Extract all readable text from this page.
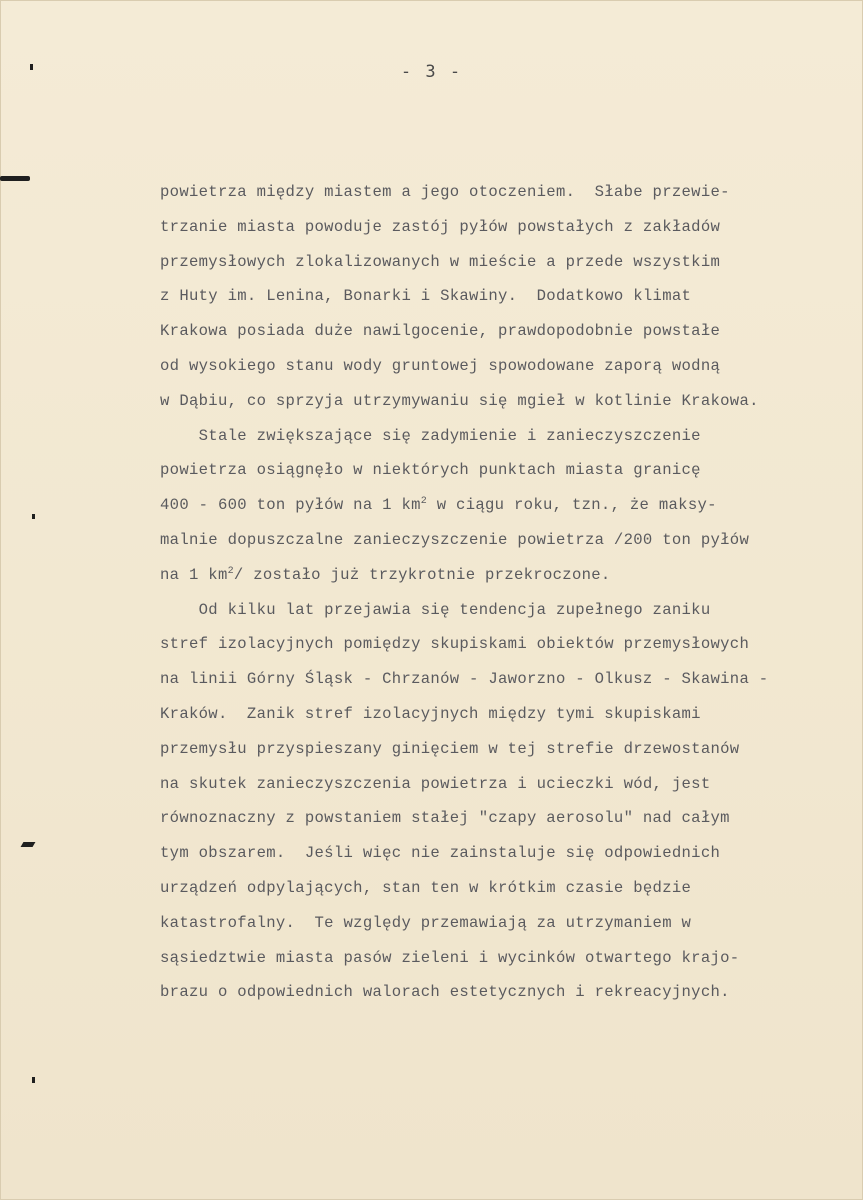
- 3 -
powietrza między miastem a jego otoczeniem.  Słabe przewie-
trzanie miasta powoduje zastój pyłów powstałych z zakładów
przemysłowych zlokalizowanych w mieście a przede wszystkim
z Huty im. Lenina, Bonarki i Skawiny.  Dodatkowo klimat
Krakowa posiada duże nawilgocenie, prawdopodobnie powstałe
od wysokiego stanu wody gruntowej spowodowane zaporą wodną
w Dąbiu, co sprzyja utrzymywaniu się mgieł w kotlinie Krakowa.
Stale zwiększające się zadymienie i zanieczyszczenie
powietrza osiągnęło w niektórych punktach miasta granicę
400 - 600 ton pyłów na 1 $km^2$ w ciągu roku, tzn., że maksy-
malnie dopuszczalne zanieczyszczenie powietrza /200 ton pyłów
na 1 $km^2/$ zostało już trzykrotnie przekroczone.
Od kilku lat przejawia się tendencja zupełnego zaniku
stref izolacyjnych pomiędzy skupiskami obiektów przemysłowych
na linii Górny Śląsk - Chrzanów - Jaworzno - Olkusz - Skawina -
Kraków.  Zanik stref izolacyjnych między tymi skupiskami
przemysłu przyspieszany ginięciem w tej strefie drzewostanów
na skutek zanieczyszczenia powietrza i ucieczki wód, jest
równoznaczny z powstaniem stałej "czapy aerosolu" nad całym
tym obszarem.  Jeśli więc nie zainstaluje się odpowiednich
urządzeń odpylających, stan ten w krótkim czasie będzie
katastrofalny.  Te względy przemawiają za utrzymaniem w
sąsiedztwie miasta pasów zieleni i wycinków otwartego krajo-
brazu o odpowiednich walorach estetycznych i rekreacyjnych.
